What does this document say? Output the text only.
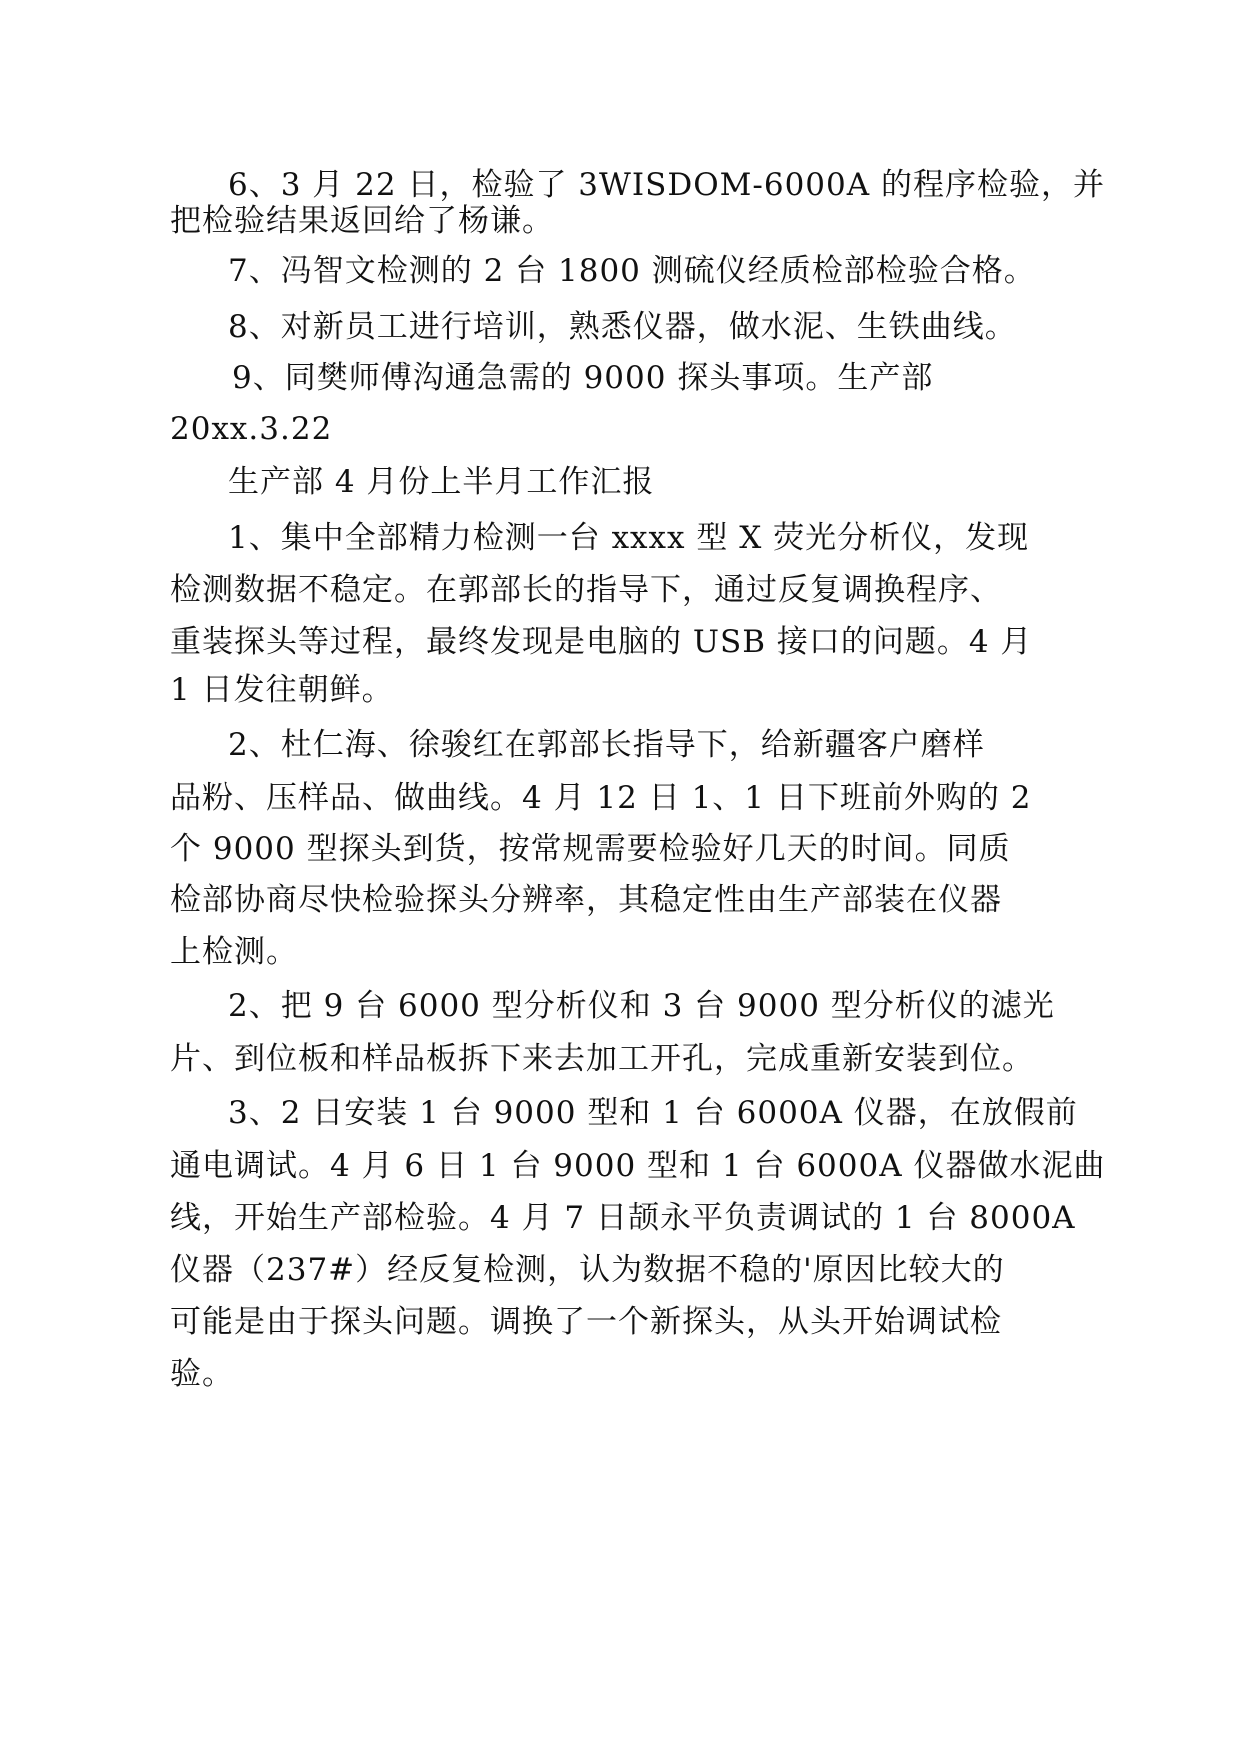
6、3 月 22 日，检验了 3WISDOM-6000A 的程序检验，并
把检验结果返回给了杨谦。
7、冯智文检测的 2 台 1800 测硫仪经质检部检验合格。
8、对新员工进行培训，熟悉仪器，做水泥、生铁曲线。
9、同樊师傅沟通急需的 9000 探头事项。生产部
20xx.3.22
生产部 4 月份上半月工作汇报
1、集中全部精力检测一台 xxxx 型 X 荧光分析仪，发现
检测数据不稳定。在郭部长的指导下，通过反复调换程序、
重装探头等过程，最终发现是电脑的 USB 接口的问题。4 月
1 日发往朝鲜。
2、杜仁海、徐骏红在郭部长指导下，给新疆客户磨样
品粉、压样品、做曲线。4 月 12 日 1、1 日下班前外购的 2
个 9000 型探头到货，按常规需要检验好几天的时间。同质
检部协商尽快检验探头分辨率，其稳定性由生产部装在仪器
上检测。
2、把 9 台 6000 型分析仪和 3 台 9000 型分析仪的滤光
片、到位板和样品板拆下来去加工开孔，完成重新安装到位。
3、2 日安装 1 台 9000 型和 1 台 6000A 仪器，在放假前
通电调试。4 月 6 日 1 台 9000 型和 1 台 6000A 仪器做水泥曲
线，开始生产部检验。4 月 7 日颉永平负责调试的 1 台 8000A
仪器（237#）经反复检测，认为数据不稳的'原因比较大的
可能是由于探头问题。调换了一个新探头，从头开始调试检
验。
